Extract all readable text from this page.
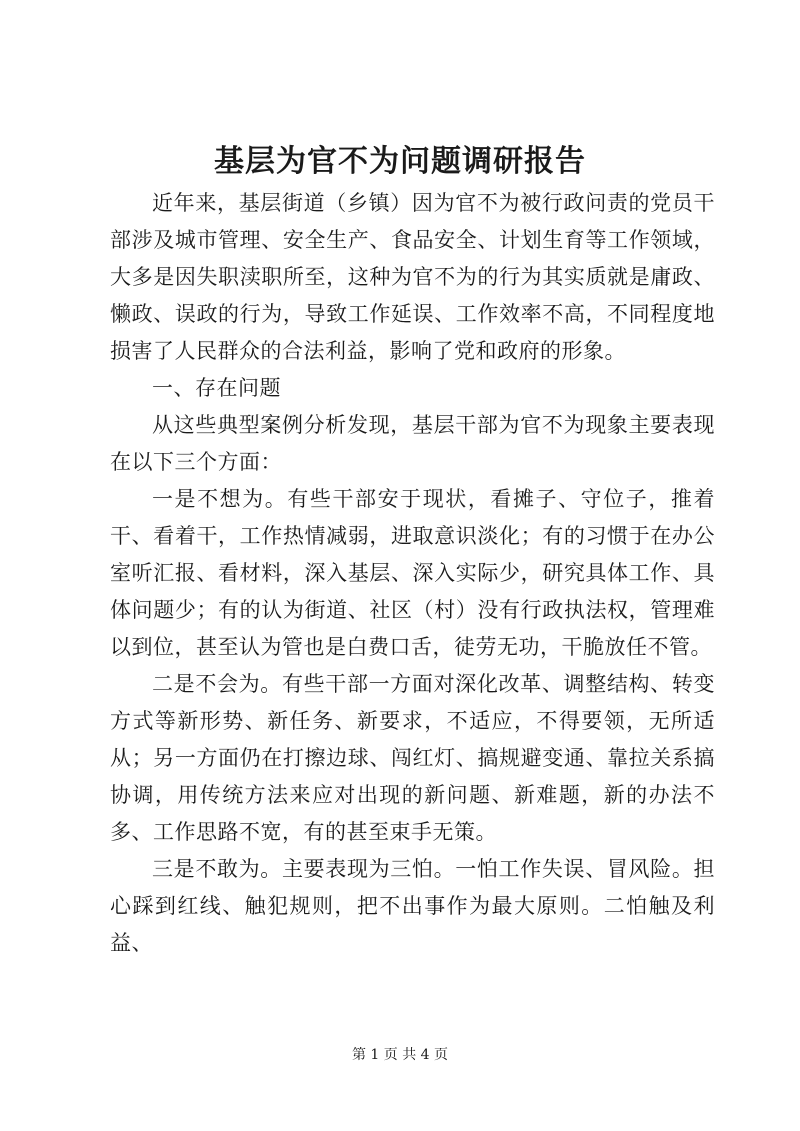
基层为官不为问题调研报告

近年来，基层街道（乡镇）因为官不为被行政问责的党员干部涉及城市管理、安全生产、食品安全、计划生育等工作领域，大多是因失职渎职所至，这种为官不为的行为其实质就是庸政、懒政、误政的行为，导致工作延误、工作效率不高，不同程度地损害了人民群众的合法利益，影响了党和政府的形象。

一、存在问题

从这些典型案例分析发现，基层干部为官不为现象主要表现在以下三个方面：

一是不想为。有些干部安于现状，看摊子、守位子，推着干、看着干，工作热情减弱，进取意识淡化；有的习惯于在办公室听汇报、看材料，深入基层、深入实际少，研究具体工作、具体问题少；有的认为街道、社区（村）没有行政执法权，管理难以到位，甚至认为管也是白费口舌，徒劳无功，干脆放任不管。

二是不会为。有些干部一方面对深化改革、调整结构、转变方式等新形势、新任务、新要求，不适应，不得要领，无所适从；另一方面仍在打擦边球、闯红灯、搞规避变通、靠拉关系搞协调，用传统方法来应对出现的新问题、新难题，新的办法不多、工作思路不宽，有的甚至束手无策。

三是不敢为。主要表现为三怕。一怕工作失误、冒风险。担心踩到红线、触犯规则，把不出事作为最大原则。二怕触及利益、

第 1 页 共 4 页
